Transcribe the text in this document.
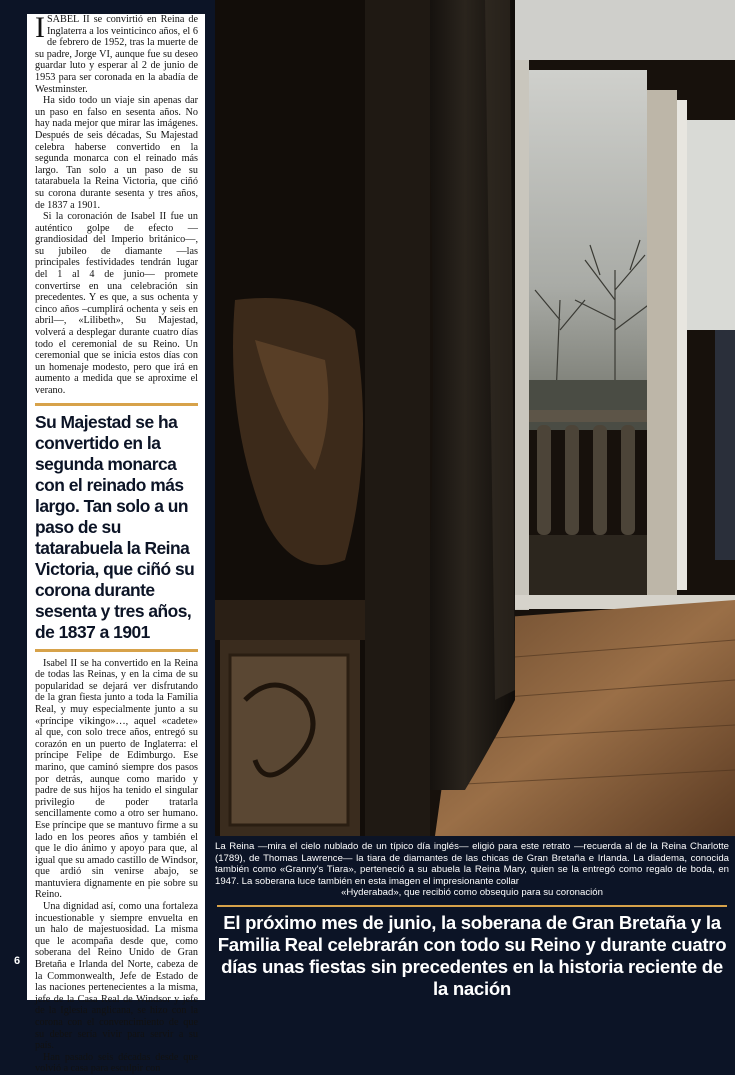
6

ISABEL II se convirtió en Reina de Inglaterra a los veinticinco años, el 6 de febrero de 1952, tras la muerte de su padre, Jorge VI, aunque fue su deseo guardar luto y esperar al 2 de junio de 1953 para ser coronada en la abadía de Westminster.

Ha sido todo un viaje sin apenas dar un paso en falso en sesenta años. No hay nada mejor que mirar las imágenes. Después de seis décadas, Su Majestad celebra haberse convertido en la segunda monarca con el reinado más largo. Tan solo a un paso de su tatarabuela la Reina Victoria, que ciñó su corona durante sesenta y tres años, de 1837 a 1901.

Si la coronación de Isabel II fue un auténtico golpe de efecto —grandiosidad del Imperio británico—, su jubileo de diamante —las principales festividades tendrán lugar del 1 al 4 de junio— promete convertirse en una celebración sin precedentes. Y es que, a sus ochenta y cinco años –cumplirá ochenta y seis en abril—, «Lilibeth», Su Majestad, volverá a desplegar durante cuatro días todo el ceremonial de su Reino. Un ceremonial que se inicia estos días con un homenaje modesto, pero que irá en aumento a medida que se aproxime el verano.

Su Majestad se ha convertido en la segunda monarca con el reinado más largo. Tan solo a un paso de su tatarabuela la Reina Victoria, que ciñó su corona durante sesenta y tres años, de 1837 a 1901

Isabel II se ha convertido en la Reina de todas las Reinas, y en la cima de su popularidad se dejará ver disfrutando de la gran fiesta junto a toda la Familia Real, y muy especialmente junto a su «príncipe vikingo»…, aquel «cadete» al que, con solo trece años, entregó su corazón en un puerto de Inglaterra: el príncipe Felipe de Edimburgo. Ese marino, que caminó siempre dos pasos por detrás, aunque como marido y padre de sus hijos ha tenido el singular privilegio de poder tratarla sencillamente como a otro ser humano. Ese príncipe que se mantuvo firme a su lado en los peores años y también el que le dio ánimo y apoyo para que, al igual que su amado castillo de Windsor, que ardió sin venirse abajo, se mantuviera dignamente en pie sobre su Reino.

Una dignidad así, como una fortaleza incuestionable y siempre envuelta en un halo de majestuosidad. La misma que le acompaña desde que, como soberana del Reino Unido de Gran Bretaña e Irlanda del Norte, cabeza de la Commonwealth, Jefe de Estado de las naciones pertenecientes a la misma, jefe de la Casa Real de Windsor y jefe de la Iglesia anglicana, se hizo con la corona con el convencimiento de que su deber sería vivir para servir a su país.

Han pasado seis décadas desde que volvió a casa para esculpir con

La Reina —mira el cielo nublado de un típico día inglés— eligió para este retrato —recuerda al de la Reina Charlotte (1789), de Thomas Lawrence— la tiara de diamantes de las chicas de Gran Bretaña e Irlanda. La diadema, conocida también como «Granny's Tiara», perteneció a su abuela la Reina Mary, quien se la entregó como regalo de boda, en 1947. La soberana luce también en esta imagen el impresionante collar
«Hyderabad», que recibió como obsequio para su coronación
El próximo mes de junio, la soberana de Gran Bretaña y la Familia Real celebrarán con todo su Reino y durante cuatro días unas fiestas sin precedentes en la historia reciente de la nación
